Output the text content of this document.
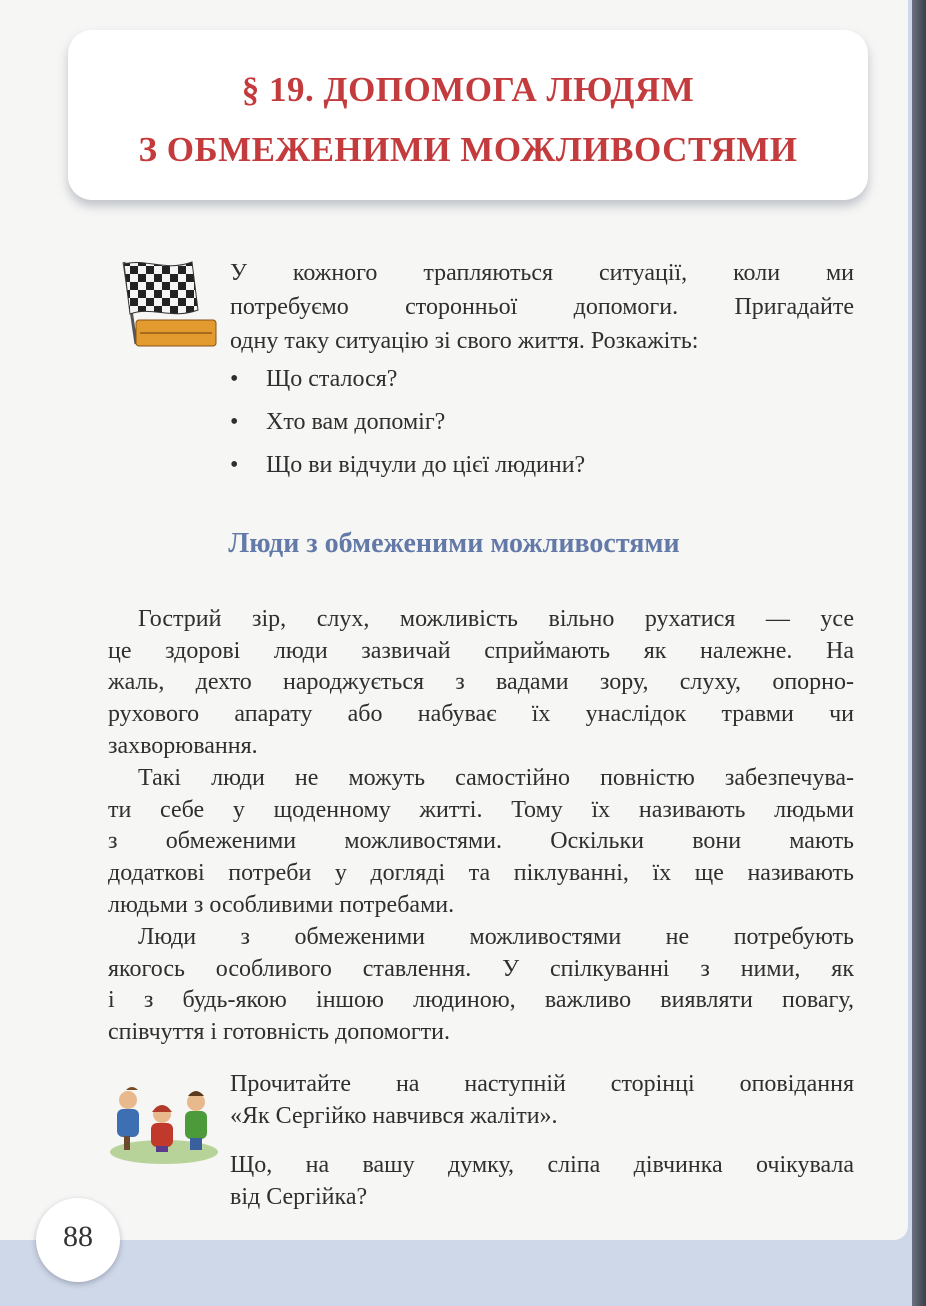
§ 19. ДОПОМОГА ЛЮДЯМ
З ОБМЕЖЕНИМИ МОЖЛИВОСТЯМИ
У кожного трапляються ситуації, коли ми
потребуємо сторонньої допомоги. Пригадайте
одну таку ситуацію зі свого життя. Розкажіть:
• Що сталося?
• Хто вам допоміг?
• Що ви відчули до цієї людини?
Люди з обмеженими можливостями
Гострий зір, слух, можливість вільно рухатися — усе
це здорові люди зазвичай сприймають як належне. На
жаль, дехто народжується з вадами зору, слуху, опорно-
рухового апарату або набуває їх унаслідок травми чи
захворювання.
Такі люди не можуть самостійно повністю забезпечува-
ти себе у щоденному житті. Тому їх називають людьми
з обмеженими можливостями. Оскільки вони мають
додаткові потреби у догляді та піклуванні, їх ще називають
людьми з особливими потребами.
Люди з обмеженими можливостями не потребують
якогось особливого ставлення. У спілкуванні з ними, як
і з будь-якою іншою людиною, важливо виявляти повагу,
співчуття і готовність допомогти.
Прочитайте на наступній сторінці оповідання
«Як Сергійко навчився жаліти».
Що, на вашу думку, сліпа дівчинка очікувала
від Сергійка?
88
